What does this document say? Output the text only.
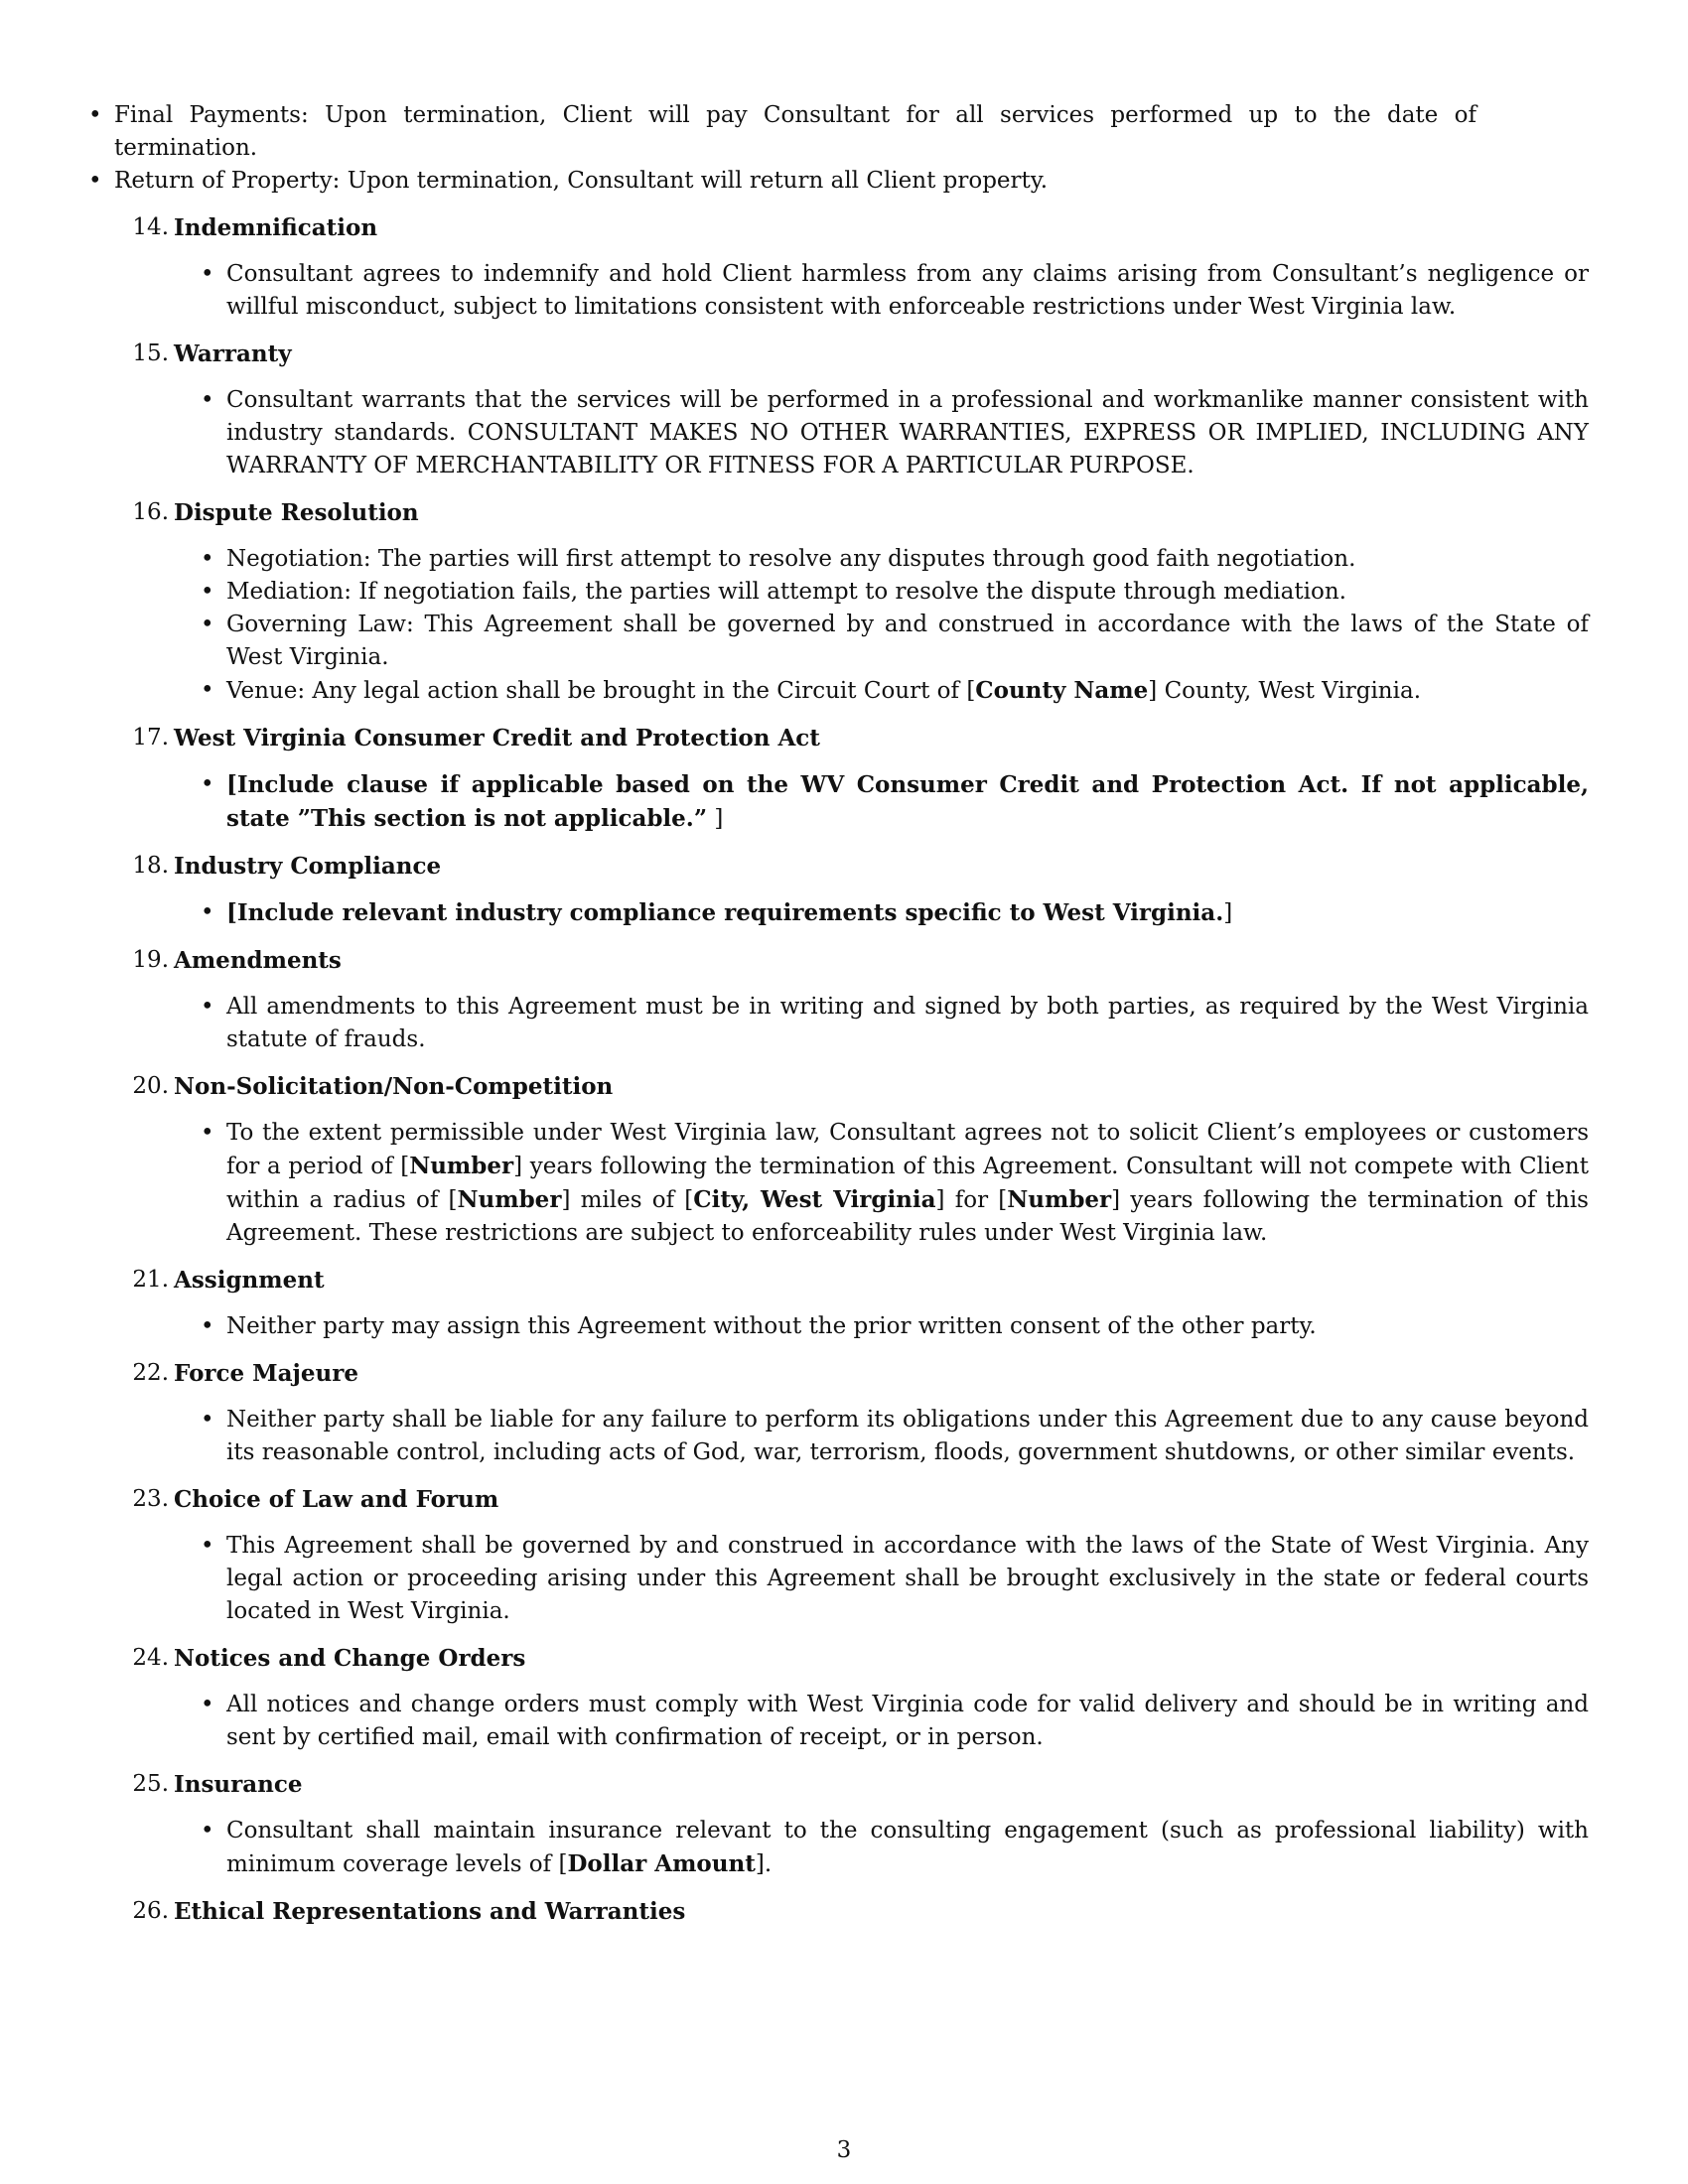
• Final Payments: Upon termination, Client will pay Consultant for all services performed up to the date of termination.
• Return of Property: Upon termination, Consultant will return all Client property.
14. Indemnification
• Consultant agrees to indemnify and hold Client harmless from any claims arising from Consultant’s negligence or willful misconduct, subject to limitations consistent with enforceable restrictions under West Virginia law.
15. Warranty
• Consultant warrants that the services will be performed in a professional and workmanlike manner consistent with industry standards. CONSULTANT MAKES NO OTHER WARRANTIES, EXPRESS OR IMPLIED, INCLUDING ANY WARRANTY OF MERCHANTABILITY OR FITNESS FOR A PARTICULAR PURPOSE.
16. Dispute Resolution
• Negotiation: The parties will first attempt to resolve any disputes through good faith negotiation.
• Mediation: If negotiation fails, the parties will attempt to resolve the dispute through mediation.
• Governing Law: This Agreement shall be governed by and construed in accordance with the laws of the State of West Virginia.
• Venue: Any legal action shall be brought in the Circuit Court of [County Name] County, West Virginia.
17. West Virginia Consumer Credit and Protection Act
• [Include clause if applicable based on the WV Consumer Credit and Protection Act. If not applicable, state ”This section is not applicable.” ]
18. Industry Compliance
• [Include relevant industry compliance requirements specific to West Virginia.]
19. Amendments
• All amendments to this Agreement must be in writing and signed by both parties, as required by the West Virginia statute of frauds.
20. Non-Solicitation/Non-Competition
• To the extent permissible under West Virginia law, Consultant agrees not to solicit Client’s employees or customers for a period of [Number] years following the termination of this Agreement. Consultant will not compete with Client within a radius of [Number] miles of [City, West Virginia] for [Number] years following the termination of this Agreement. These restrictions are subject to enforceability rules under West Virginia law.
21. Assignment
• Neither party may assign this Agreement without the prior written consent of the other party.
22. Force Majeure
• Neither party shall be liable for any failure to perform its obligations under this Agreement due to any cause beyond its reasonable control, including acts of God, war, terrorism, floods, government shutdowns, or other similar events.
23. Choice of Law and Forum
• This Agreement shall be governed by and construed in accordance with the laws of the State of West Virginia. Any legal action or proceeding arising under this Agreement shall be brought exclusively in the state or federal courts located in West Virginia.
24. Notices and Change Orders
• All notices and change orders must comply with West Virginia code for valid delivery and should be in writing and sent by certified mail, email with confirmation of receipt, or in person.
25. Insurance
• Consultant shall maintain insurance relevant to the consulting engagement (such as professional liability) with minimum coverage levels of [Dollar Amount].
26. Ethical Representations and Warranties
3
